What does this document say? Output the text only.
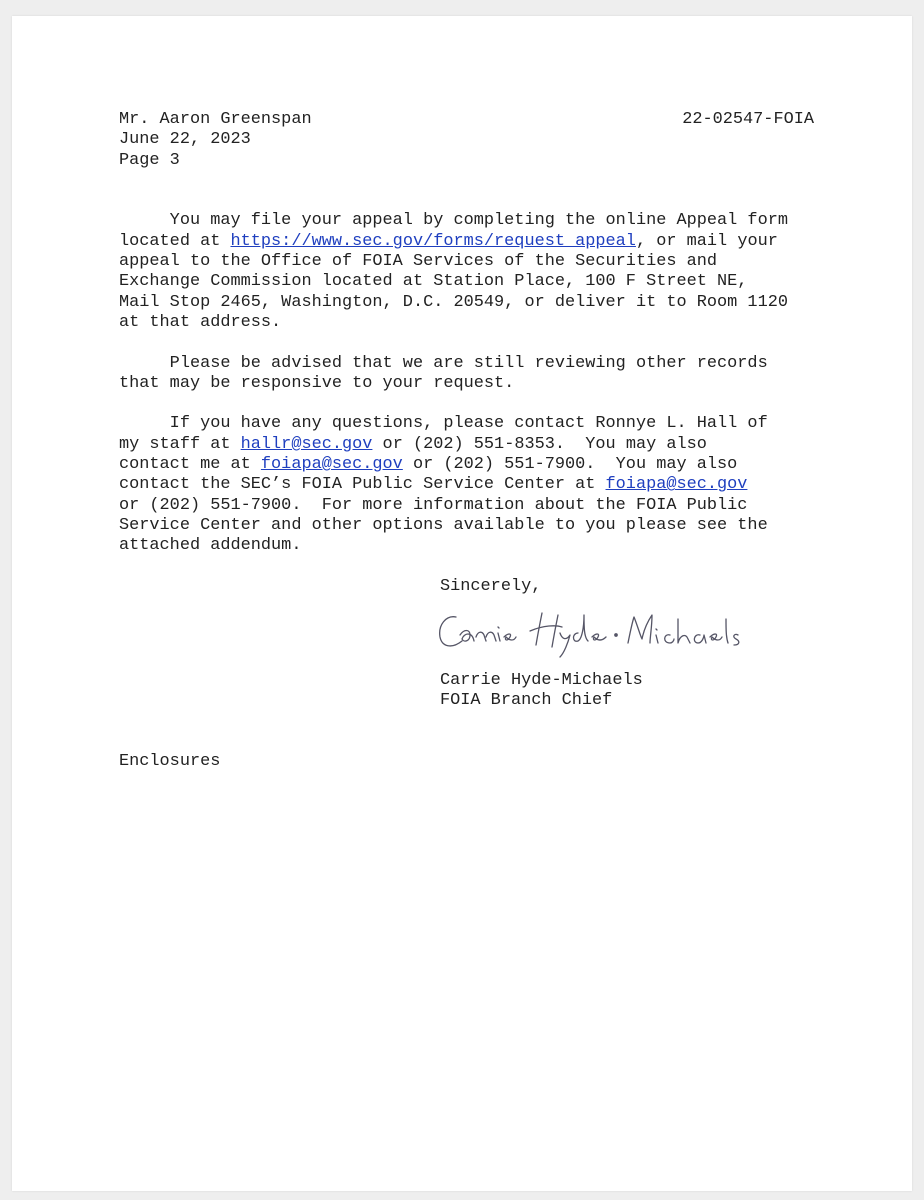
Mr. Aaron Greenspan
June 22, 2023
Page 3
22-02547-FOIA
You may file your appeal by completing the online Appeal form
located at https://www.sec.gov/forms/request_appeal, or mail your
appeal to the Office of FOIA Services of the Securities and
Exchange Commission located at Station Place, 100 F Street NE,
Mail Stop 2465, Washington, D.C. 20549, or deliver it to Room 1120
at that address.
Please be advised that we are still reviewing other records
that may be responsive to your request.
If you have any questions, please contact Ronnye L. Hall of
my staff at hallr@sec.gov or (202) 551-8353.  You may also
contact me at foiapa@sec.gov or (202) 551-7900.  You may also
contact the SEC’s FOIA Public Service Center at foiapa@sec.gov
or (202) 551-7900.  For more information about the FOIA Public
Service Center and other options available to you please see the
attached addendum.
Sincerely,
Carrie Hyde-Michaels
FOIA Branch Chief
Enclosures
